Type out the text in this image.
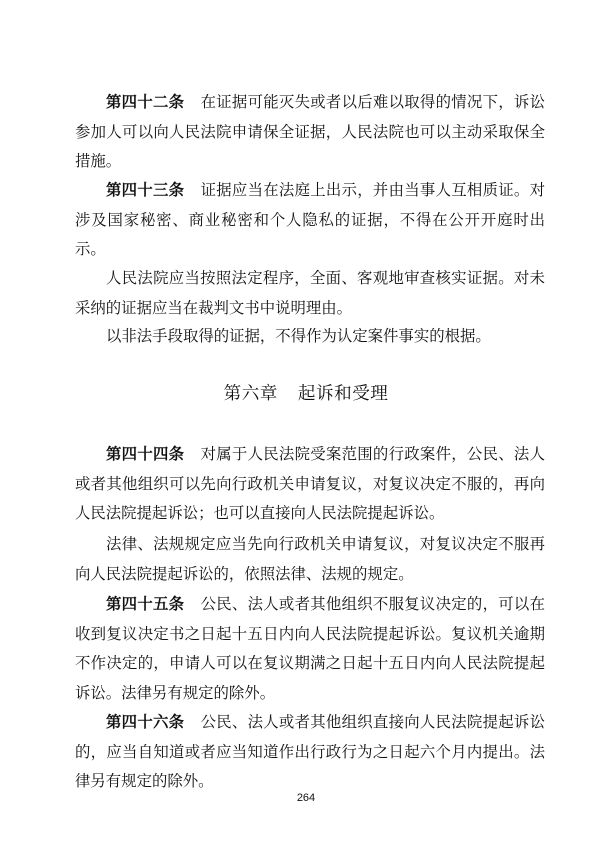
第四十二条 在证据可能灭失或者以后难以取得的情况下，诉讼参加人可以向人民法院申请保全证据，人民法院也可以主动采取保全措施。

第四十三条 证据应当在法庭上出示，并由当事人互相质证。对涉及国家秘密、商业秘密和个人隐私的证据，不得在公开开庭时出示。

人民法院应当按照法定程序，全面、客观地审查核实证据。对未采纳的证据应当在裁判文书中说明理由。

以非法手段取得的证据，不得作为认定案件事实的根据。

第六章 起诉和受理

第四十四条 对属于人民法院受案范围的行政案件，公民、法人或者其他组织可以先向行政机关申请复议，对复议决定不服的，再向人民法院提起诉讼；也可以直接向人民法院提起诉讼。

法律、法规规定应当先向行政机关申请复议，对复议决定不服再向人民法院提起诉讼的，依照法律、法规的规定。

第四十五条 公民、法人或者其他组织不服复议决定的，可以在收到复议决定书之日起十五日内向人民法院提起诉讼。复议机关逾期不作决定的，申请人可以在复议期满之日起十五日内向人民法院提起诉讼。法律另有规定的除外。

第四十六条 公民、法人或者其他组织直接向人民法院提起诉讼的，应当自知道或者应当知道作出行政行为之日起六个月内提出。法律另有规定的除外。

264
